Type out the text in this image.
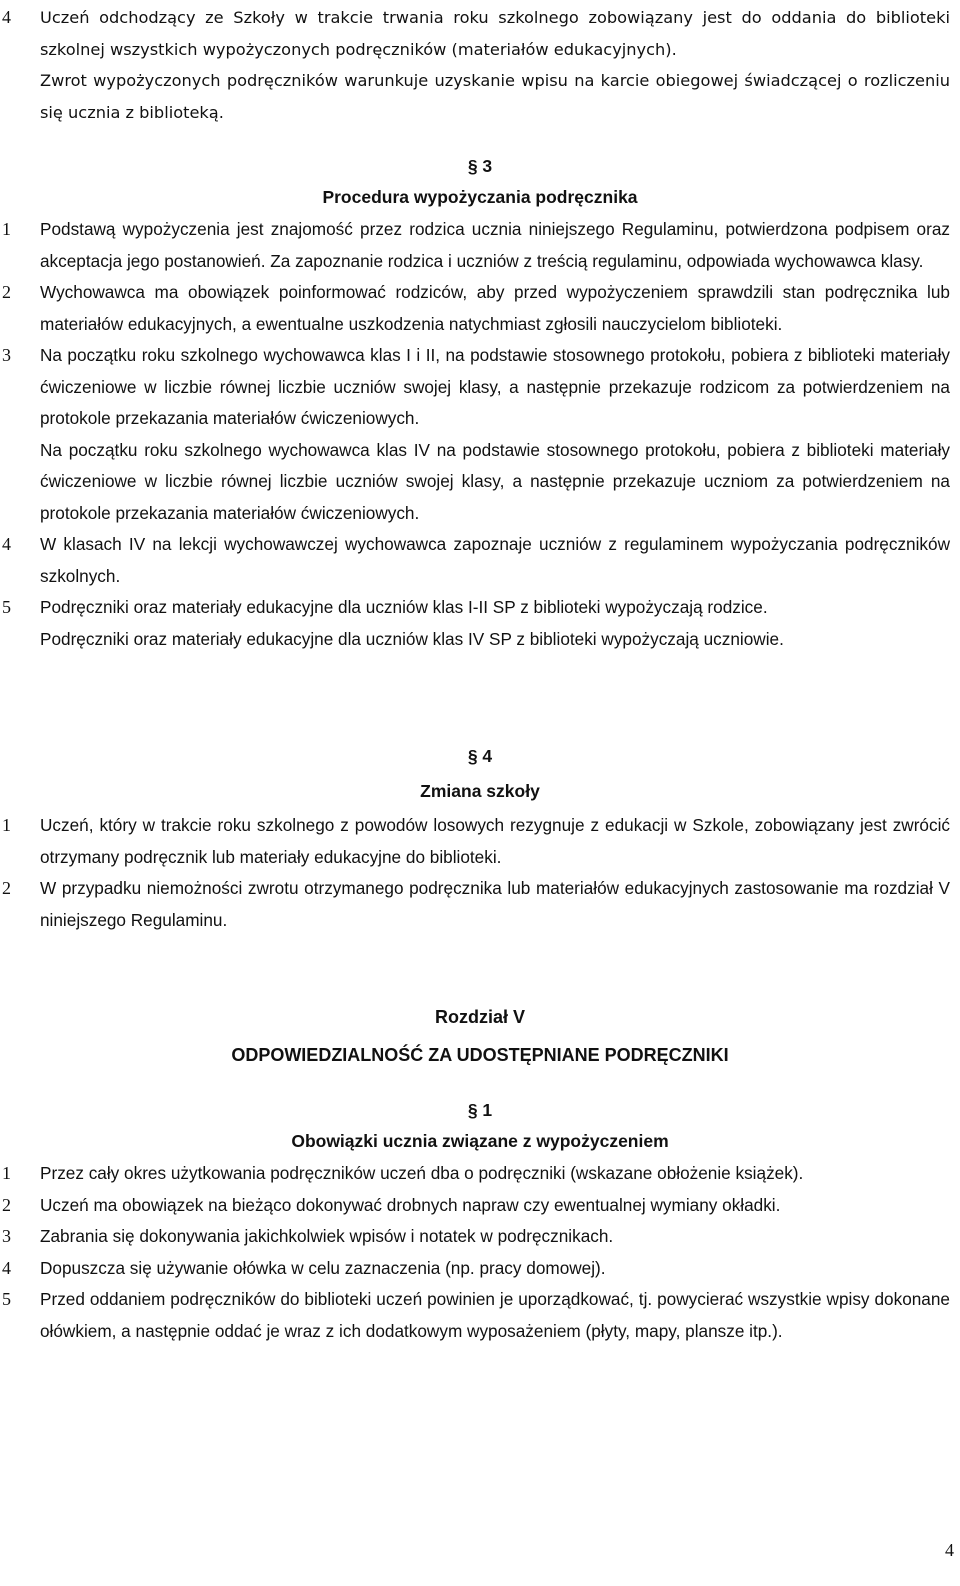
4 Uczeń odchodzący ze Szkoły w trakcie trwania roku szkolnego zobowiązany jest do oddania do biblioteki szkolnej wszystkich wypożyczonych podręczników (materiałów edukacyjnych).
Zwrot wypożyczonych podręczników warunkuje uzyskanie wpisu na karcie obiegowej świadczącej o rozliczeniu się ucznia z biblioteką.
§ 3
Procedura wypożyczania podręcznika
1 Podstawą wypożyczenia jest znajomość przez rodzica ucznia niniejszego Regulaminu, potwierdzona podpisem oraz akceptacja jego postanowień. Za zapoznanie rodzica i uczniów z treścią regulaminu, odpowiada wychowawca klasy.
2 Wychowawca ma obowiązek poinformować rodziców, aby przed wypożyczeniem sprawdzili stan podręcznika lub materiałów edukacyjnych, a ewentualne uszkodzenia natychmiast zgłosili nauczycielom biblioteki.
3 Na początku roku szkolnego wychowawca klas I i II, na podstawie stosownego protokołu, pobiera z biblioteki materiały ćwiczeniowe w liczbie równej liczbie uczniów swojej klasy, a następnie przekazuje rodzicom za potwierdzeniem na protokole przekazania materiałów ćwiczeniowych.
Na początku roku szkolnego wychowawca klas IV na podstawie stosownego protokołu, pobiera z biblioteki materiały ćwiczeniowe w liczbie równej liczbie uczniów swojej klasy, a następnie przekazuje uczniom za potwierdzeniem na protokole przekazania materiałów ćwiczeniowych.
4 W klasach IV na lekcji wychowawczej wychowawca zapoznaje uczniów z regulaminem wypożyczania podręczników szkolnych.
5 Podręczniki oraz materiały edukacyjne dla uczniów klas I-II SP z biblioteki wypożyczają rodzice.
Podręczniki oraz materiały edukacyjne dla uczniów klas IV SP z biblioteki wypożyczają uczniowie.
§ 4
Zmiana szkoły
1 Uczeń, który w trakcie roku szkolnego z powodów losowych rezygnuje z edukacji w Szkole, zobowiązany jest zwrócić otrzymany podręcznik lub materiały edukacyjne do biblioteki.
2 W przypadku niemożności zwrotu otrzymanego podręcznika lub materiałów edukacyjnych zastosowanie ma rozdział V niniejszego Regulaminu.
Rozdział V
ODPOWIEDZIALNOŚĆ ZA UDOSTĘPNIANE PODRĘCZNIKI
§ 1
Obowiązki ucznia związane z wypożyczeniem
1 Przez cały okres użytkowania podręczników uczeń dba o podręczniki (wskazane obłożenie książek).
2 Uczeń ma obowiązek na bieżąco dokonywać drobnych napraw czy ewentualnej wymiany okładki.
3 Zabrania się dokonywania jakichkolwiek wpisów i notatek w podręcznikach.
4 Dopuszcza się używanie ołówka w celu zaznaczenia (np. pracy domowej).
5 Przed oddaniem podręczników do biblioteki uczeń powinien je uporządkować, tj. powycierać wszystkie wpisy dokonane ołówkiem, a następnie oddać je wraz z ich dodatkowym wyposażeniem (płyty, mapy, plansze itp.).
4
